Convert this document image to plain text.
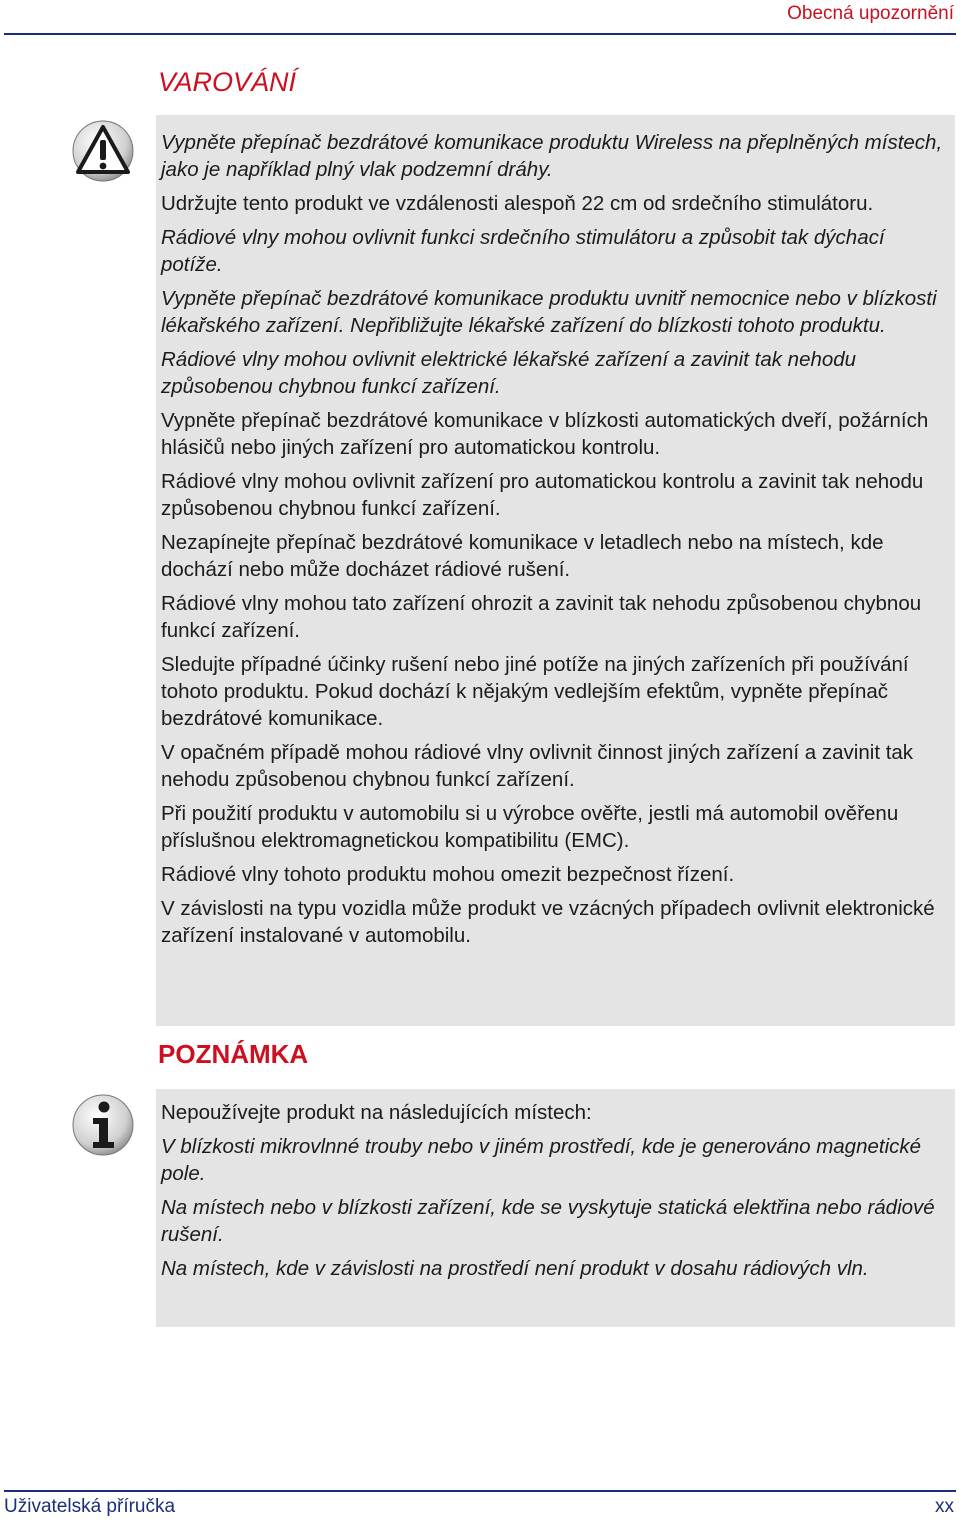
Obecná upozornění
VAROVÁNÍ

Vypněte přepínač bezdrátové komunikace produktu Wireless na přeplněných místech, jako je například plný vlak podzemní dráhy.

Udržujte tento produkt ve vzdálenosti alespoň 22 cm od srdečního stimulátoru.

Rádiové vlny mohou ovlivnit funkci srdečního stimulátoru a způsobit tak dýchací potíže.

Vypněte přepínač bezdrátové komunikace produktu uvnitř nemocnice nebo v blízkosti lékařského zařízení. Nepřibližujte lékařské zařízení do blízkosti tohoto produktu.

Rádiové vlny mohou ovlivnit elektrické lékařské zařízení a zavinit tak nehodu způsobenou chybnou funkcí zařízení.

Vypněte přepínač bezdrátové komunikace v blízkosti automatických dveří, požárních hlásičů nebo jiných zařízení pro automatickou kontrolu.

Rádiové vlny mohou ovlivnit zařízení pro automatickou kontrolu a zavinit tak nehodu způsobenou chybnou funkcí zařízení.

Nezapínejte přepínač bezdrátové komunikace v letadlech nebo na místech, kde dochází nebo může docházet rádiové rušení.

Rádiové vlny mohou tato zařízení ohrozit a zavinit tak nehodu způsobenou chybnou funkcí zařízení.

Sledujte případné účinky rušení nebo jiné potíže na jiných zařízeních při používání tohoto produktu. Pokud dochází k nějakým vedlejším efektům, vypněte přepínač bezdrátové komunikace.

V opačném případě mohou rádiové vlny ovlivnit činnost jiných zařízení a zavinit tak nehodu způsobenou chybnou funkcí zařízení.

Při použití produktu v automobilu si u výrobce ověřte, jestli má automobil ověřenu příslušnou elektromagnetickou kompatibilitu (EMC).

Rádiové vlny tohoto produktu mohou omezit bezpečnost řízení.

V závislosti na typu vozidla může produkt ve vzácných případech ovlivnit elektronické zařízení instalované v automobilu.

POZNÁMKA

Nepoužívejte produkt na následujících místech:

V blízkosti mikrovlnné trouby nebo v jiném prostředí, kde je generováno magnetické pole.

Na místech nebo v blízkosti zařízení, kde se vyskytuje statická elektřina nebo rádiové rušení.

Na místech, kde v závislosti na prostředí není produkt v dosahu rádiových vln.

Uživatelská příručka	xx
